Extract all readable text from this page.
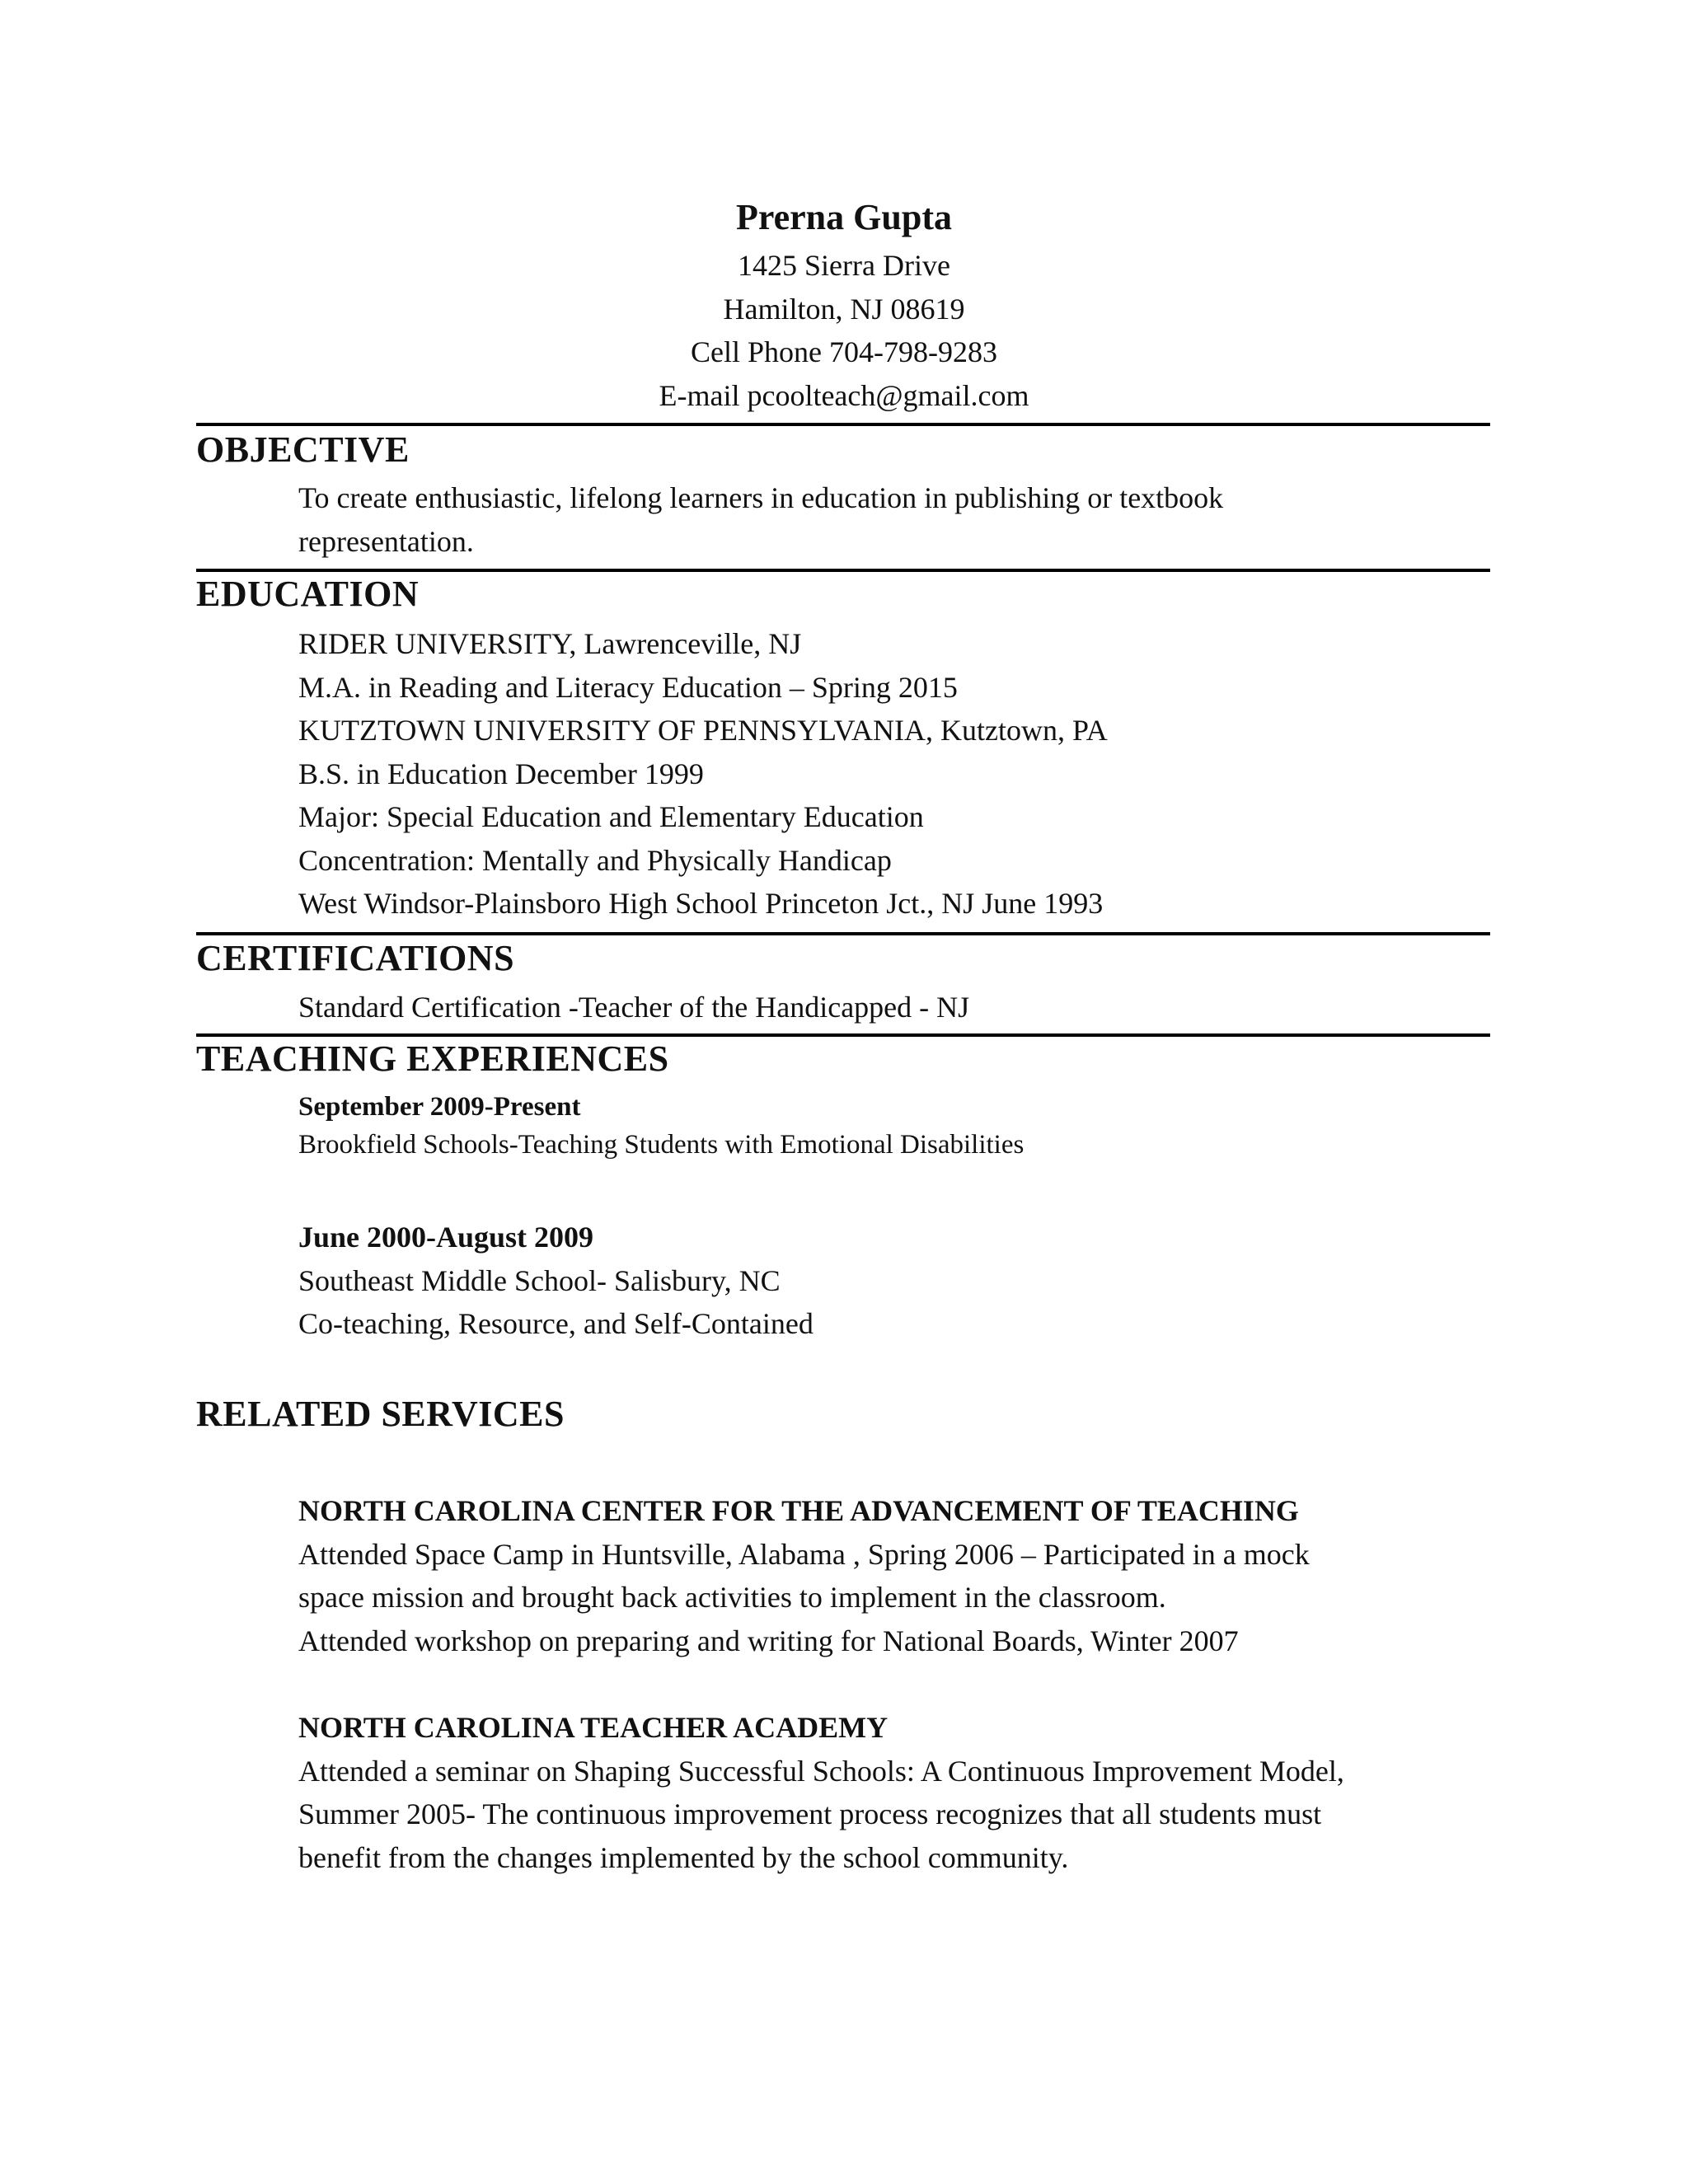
Prerna Gupta
1425 Sierra Drive
Hamilton, NJ 08619
Cell Phone 704-798-9283
E-mail pcoolteach@gmail.com
OBJECTIVE
To create enthusiastic, lifelong learners in education in publishing or textbook representation.
EDUCATION
RIDER UNIVERSITY, Lawrenceville, NJ
M.A. in Reading and Literacy Education – Spring 2015
KUTZTOWN UNIVERSITY OF PENNSYLVANIA, Kutztown, PA
B.S. in Education December 1999
Major: Special Education and Elementary Education
Concentration: Mentally and Physically Handicap
West Windsor-Plainsboro High School Princeton Jct., NJ June 1993
CERTIFICATIONS
Standard Certification -Teacher of the Handicapped - NJ
TEACHING EXPERIENCES
September 2009-Present
Brookfield Schools-Teaching Students with Emotional Disabilities
June 2000-August 2009
Southeast Middle School- Salisbury, NC
Co-teaching, Resource, and Self-Contained
RELATED SERVICES
NORTH CAROLINA CENTER FOR THE ADVANCEMENT OF TEACHING
Attended Space Camp in Huntsville, Alabama , Spring 2006 – Participated in a mock
space mission and brought back activities to implement in the classroom.
Attended workshop on preparing and writing for National Boards, Winter 2007
NORTH CAROLINA TEACHER ACADEMY
Attended a seminar on Shaping Successful Schools: A Continuous Improvement Model,
Summer 2005- The continuous improvement process recognizes that all students must
benefit from the changes implemented by the school community.
